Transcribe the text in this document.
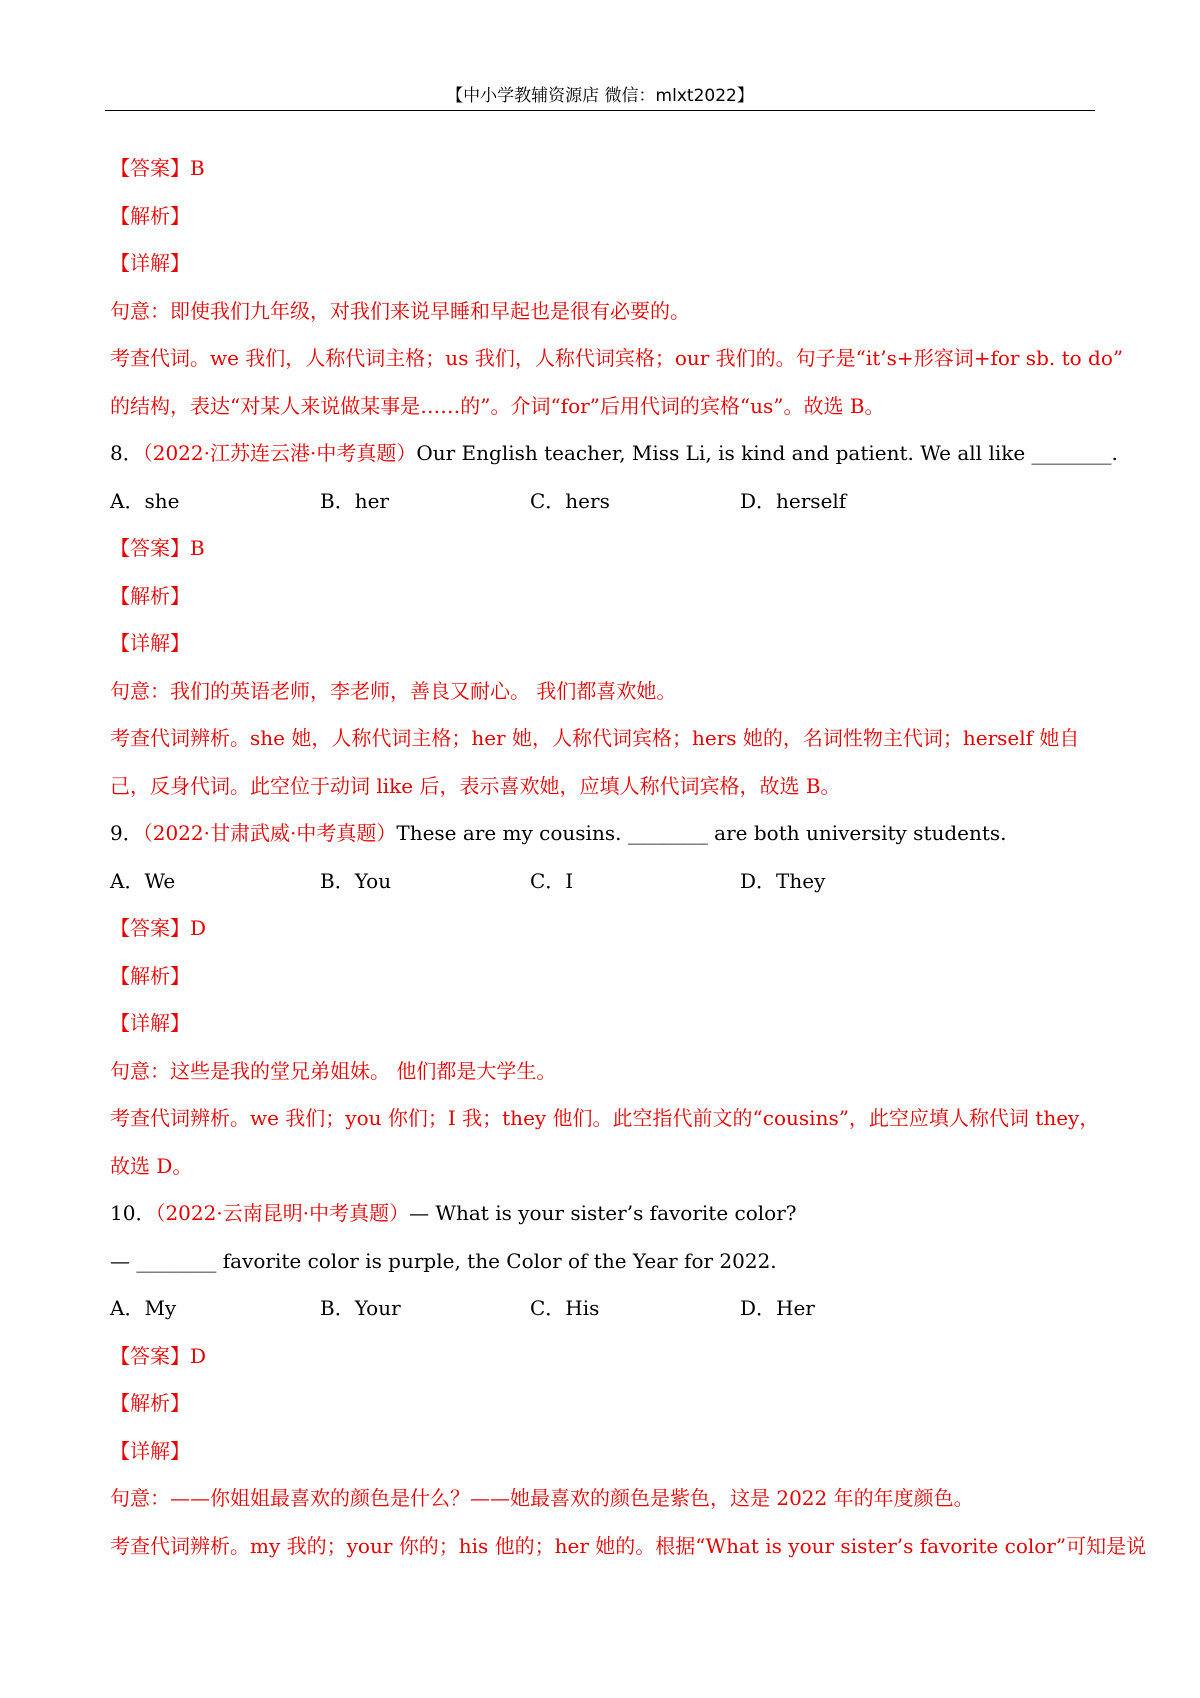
【中小学教辅资源店 微信：mlxt2022】
【答案】B
【解析】
【详解】
句意：即使我们九年级，对我们来说早睡和早起也是很有必要的。
考查代词。we 我们，人称代词主格；us 我们，人称代词宾格；our 我们的。句子是“it’s+形容词+for sb. to do”
的结构，表达“对某人来说做某事是……的”。介词“for”后用代词的宾格“us”。故选 B。
8．（2022·江苏连云港·中考真题）Our English teacher, Miss Li, is kind and patient. We all like ________.
A．she	B．her	C．hers	D．herself
【答案】B
【解析】
【详解】
句意：我们的英语老师，李老师，善良又耐心。 我们都喜欢她。
考查代词辨析。she 她，人称代词主格；her 她，人称代词宾格；hers 她的，名词性物主代词；herself 她自
己，反身代词。此空位于动词 like 后，表示喜欢她，应填人称代词宾格，故选 B。
9．（2022·甘肃武威·中考真题）These are my cousins. ________ are both university students.
A．We	B．You	C．I	D．They
【答案】D
【解析】
【详解】
句意：这些是我的堂兄弟姐妹。 他们都是大学生。
考查代词辨析。we 我们；you 你们；I 我；they 他们。此空指代前文的“cousins”，此空应填人称代词 they，
故选 D。
10．（2022·云南昆明·中考真题）— What is your sister’s favorite color?
— ________ favorite color is purple, the Color of the Year for 2022.
A．My	B．Your	C．His	D．Her
【答案】D
【解析】
【详解】
句意：——你姐姐最喜欢的颜色是什么？——她最喜欢的颜色是紫色，这是 2022 年的年度颜色。
考查代词辨析。my 我的；your 你的；his 他的；her 她的。根据“What is your sister’s favorite color”可知是说
